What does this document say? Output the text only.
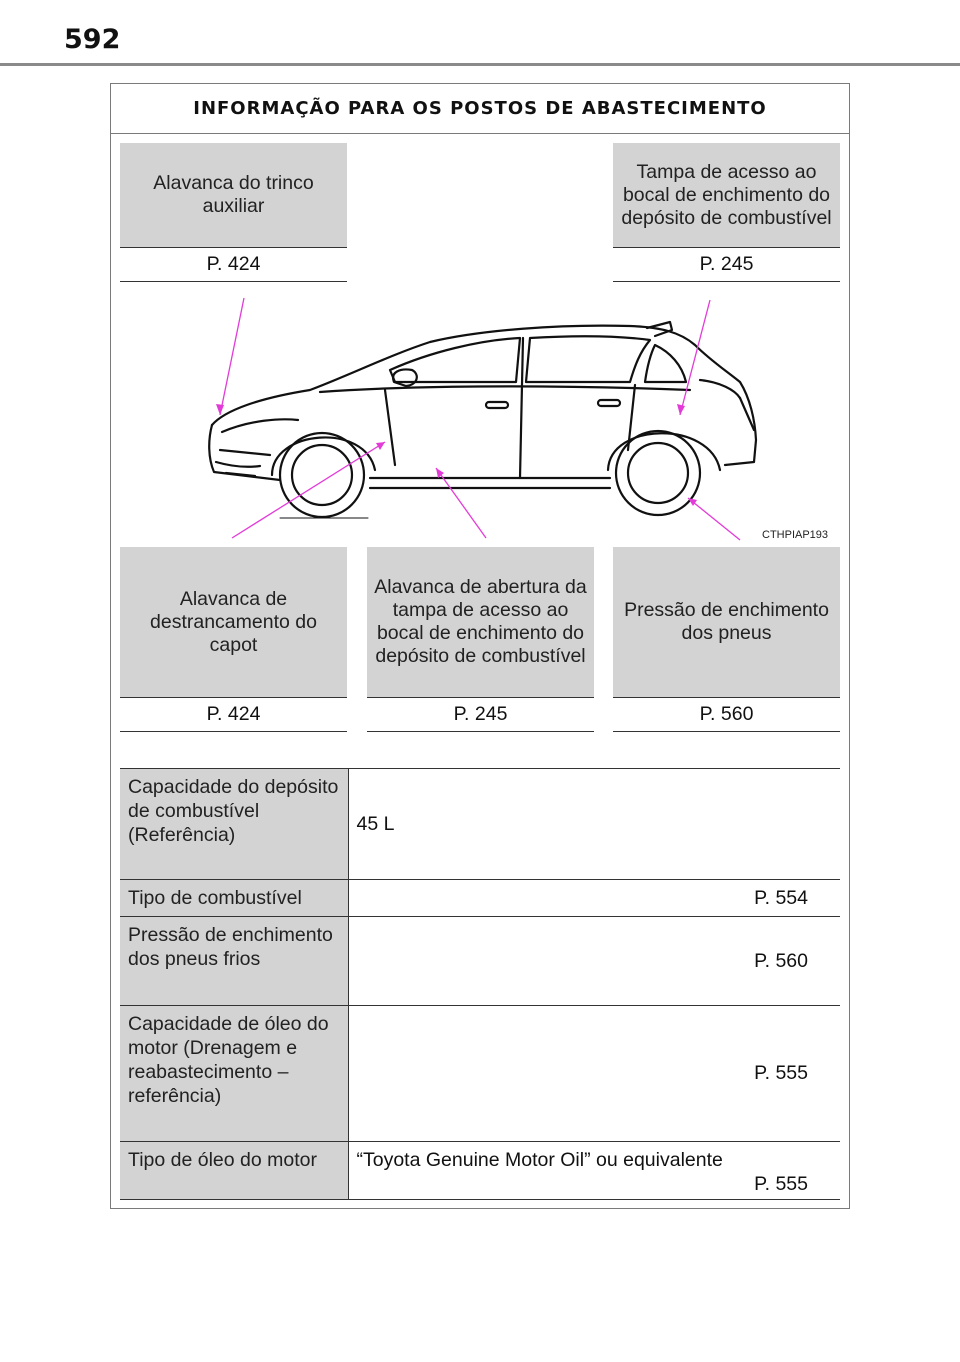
592
INFORMAÇÃO PARA OS POSTOS DE ABASTECIMENTO
Alavanca do trinco auxiliar
P. 424
Tampa de acesso ao bocal de enchimento do depósito de combustível
P. 245
CTHPIAP193
Alavanca de destrancamento do capot
P. 424
Alavanca de abertura da tampa de acesso ao bocal de enchimento do depósito de combustível
P. 245
Pressão de enchimento dos pneus
P. 560
Capacidade do depósito de combustível (Referência)	45 L
Tipo de combustível	P. 554

Pressão de enchimento dos pneus frios	P. 560

Capacidade de óleo do motor (Drenagem e reabastecimento – referência)	P. 555

Tipo de óleo do motor	“Toyota Genuine Motor Oil” ou equivalente
P. 555
